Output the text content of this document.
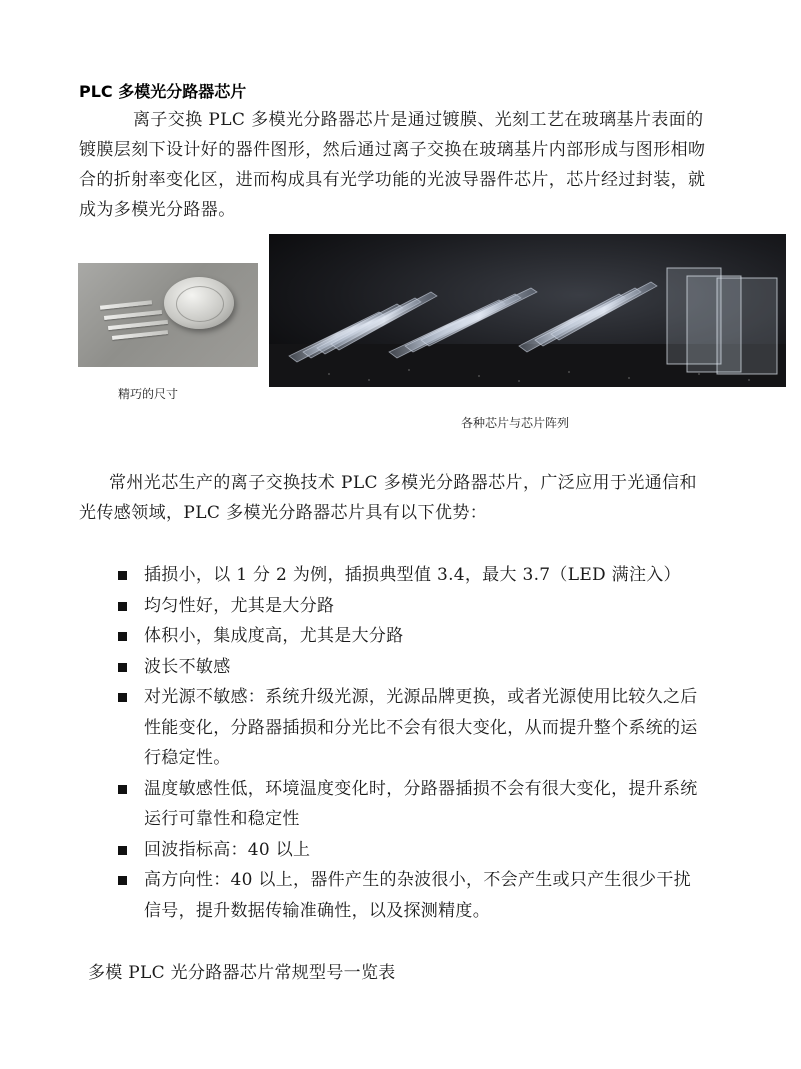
PLC 多模光分路器芯片
离子交换 PLC 多模光分路器芯片是通过镀膜、光刻工艺在玻璃基片表面的镀膜层刻下设计好的器件图形，然后通过离子交换在玻璃基片内部形成与图形相吻合的折射率变化区，进而构成具有光学功能的光波导器件芯片，芯片经过封装，就成为多模光分路器。
精巧的尺寸
各种芯片与芯片阵列
常州光芯生产的离子交换技术 PLC 多模光分路器芯片，广泛应用于光通信和光传感领域，PLC 多模光分路器芯片具有以下优势：
插损小，以 1 分 2 为例，插损典型值 3.4，最大 3.7（LED 满注入）
均匀性好，尤其是大分路
体积小，集成度高，尤其是大分路
波长不敏感
对光源不敏感：系统升级光源，光源品牌更换，或者光源使用比较久之后性能变化，分路器插损和分光比不会有很大变化，从而提升整个系统的运行稳定性。
温度敏感性低，环境温度变化时，分路器插损不会有很大变化，提升系统运行可靠性和稳定性
回波指标高：40 以上
高方向性：40 以上，器件产生的杂波很小，不会产生或只产生很少干扰信号，提升数据传输准确性，以及探测精度。
多模 PLC 光分路器芯片常规型号一览表
